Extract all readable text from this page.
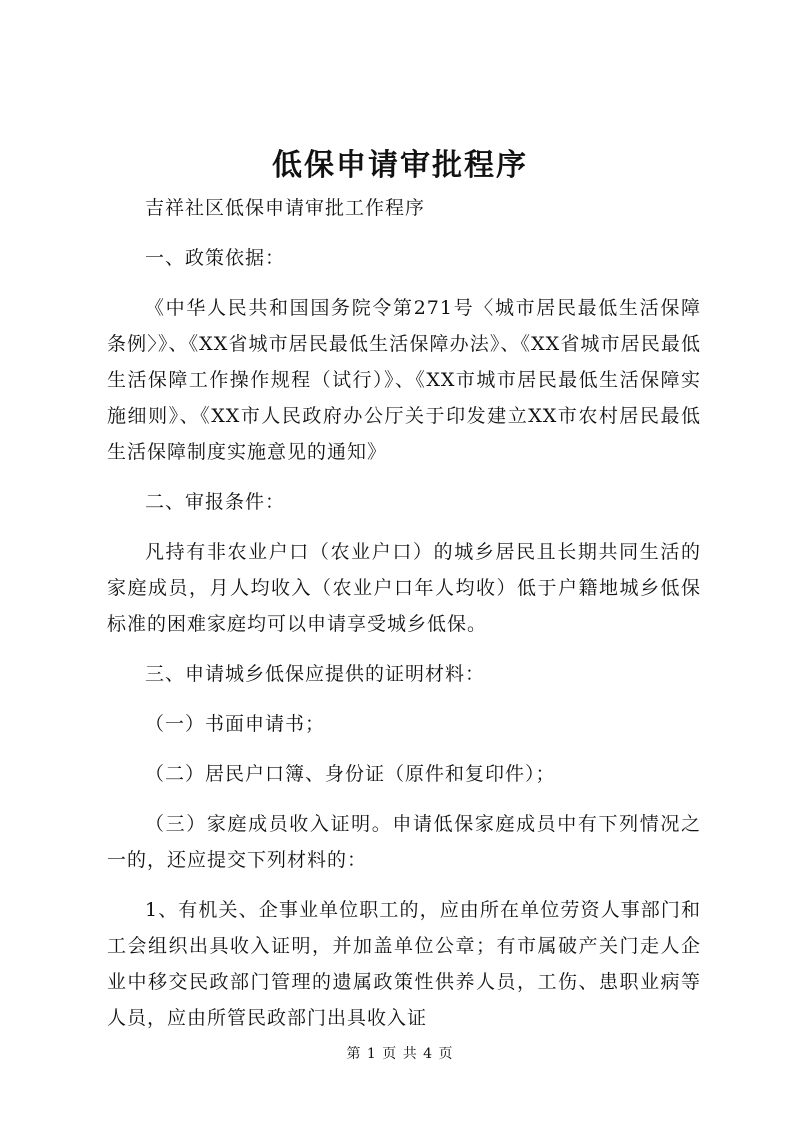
低保申请审批程序

吉祥社区低保申请审批工作程序

一、政策依据：

《中华人民共和国国务院令第271号〈城市居民最低生活保障条例〉》、《XX省城市居民最低生活保障办法》、《XX省城市居民最低生活保障工作操作规程（试行）》、《XX市城市居民最低生活保障实施细则》、《XX市人民政府办公厅关于印发建立XX市农村居民最低生活保障制度实施意见的通知》

二、审报条件：

凡持有非农业户口（农业户口）的城乡居民且长期共同生活的家庭成员，月人均收入（农业户口年人均收）低于户籍地城乡低保标准的困难家庭均可以申请享受城乡低保。

三、申请城乡低保应提供的证明材料：

（一）书面申请书；

（二）居民户口簿、身份证（原件和复印件）；

（三）家庭成员收入证明。申请低保家庭成员中有下列情况之一的，还应提交下列材料的：

1、有机关、企事业单位职工的，应由所在单位劳资人事部门和工会组织出具收入证明，并加盖单位公章；有市属破产关门走人企业中移交民政部门管理的遗属政策性供养人员，工伤、患职业病等人员，应由所管民政部门出具收入证

第 1 页 共 4 页
